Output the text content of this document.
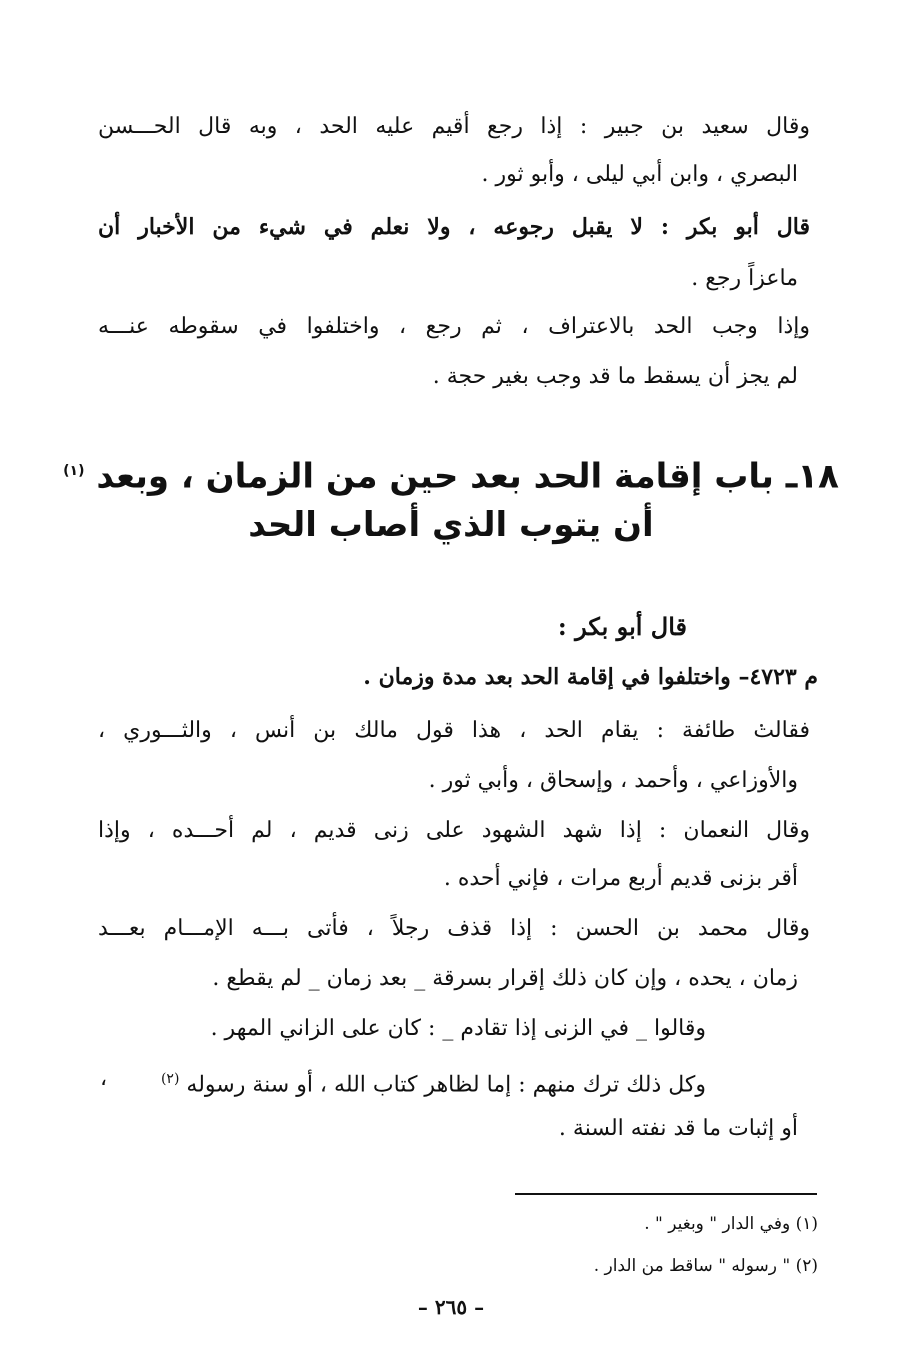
وقال سعيد بن جبير : إذا رجع أقيم عليه الحد ، وبه قال الحـــسن
البصري ، وابن أبي ليلى ، وأبو ثور .
قال أبو بكر : لا يقبل رجوعه ، ولا نعلم في شيء من الأخبار أن
ماعزاً رجع .
وإذا وجب الحد بالاعتراف ، ثم رجع ، واختلفوا في سقوطه عنـــه
لم يجز أن يسقط ما قد وجب بغير حجة .
١٨ـ باب إقامة الحد بعد حين من الزمان ، وبعد $^{(١)}$
أن يتوب الذي أصاب الحد
قال أبو بكر :
م ٤٧٢٣– واختلفوا في إقامة الحد بعد مدة وزمان .
فقالت طائفة : يقام الحد ، هذا قول مالك بن أنس ، والثـــوري ،
والأوزاعي ، وأحمد ، وإسحاق ، وأبي ثور .
وقال النعمان : إذا شهد الشهود على زنى قديم ، لم أحـــده ، وإذا
أقر بزنى قديم أربع مرات ، فإني أحده .
وقال محمد بن الحسن : إذا قذف رجلاً ، فأتى بـــه الإمـــام بعـــد
زمان ، يحده ، وإن كان ذلك إقرار بسرقة _ بعد زمان _ لم يقطع .
وقالوا _ في الزنى إذا تقادم _ : كان على الزاني المهر .
وكل ذلك ترك منهم : إما لظاهر كتاب الله ، أو سنة رسوله $^{(٢)}$
،
أو إثبات ما قد نفته السنة .
(١) وفي الدار " وبغير " .
(٢) " رسوله " ساقط من الدار .
– ٢٦٥ –
